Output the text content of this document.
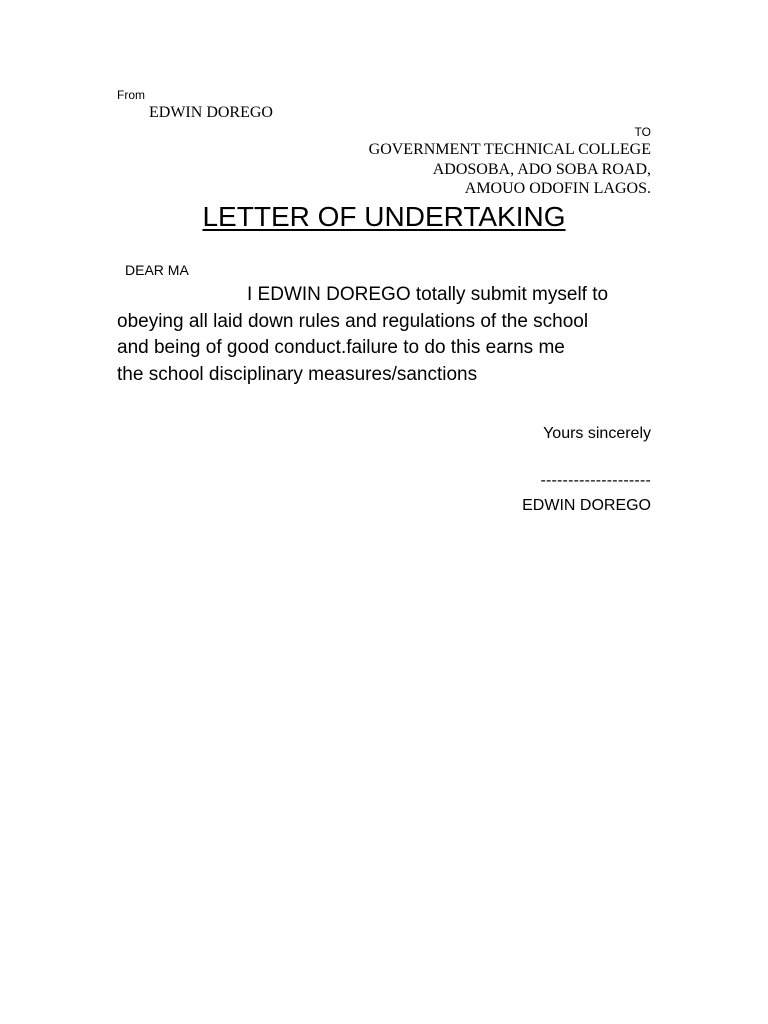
From
EDWIN DOREGO
TO
GOVERNMENT TECHNICAL COLLEGE
ADOSOBA, ADO SOBA ROAD,
AMOUO ODOFIN LAGOS.
LETTER OF UNDERTAKING
DEAR MA
I EDWIN DOREGO totally submit myself to
obeying all laid down rules and regulations of the school
and being of good conduct.failure to do this earns me
the school disciplinary measures/sanctions
Yours sincerely
--------------------
EDWIN DOREGO
